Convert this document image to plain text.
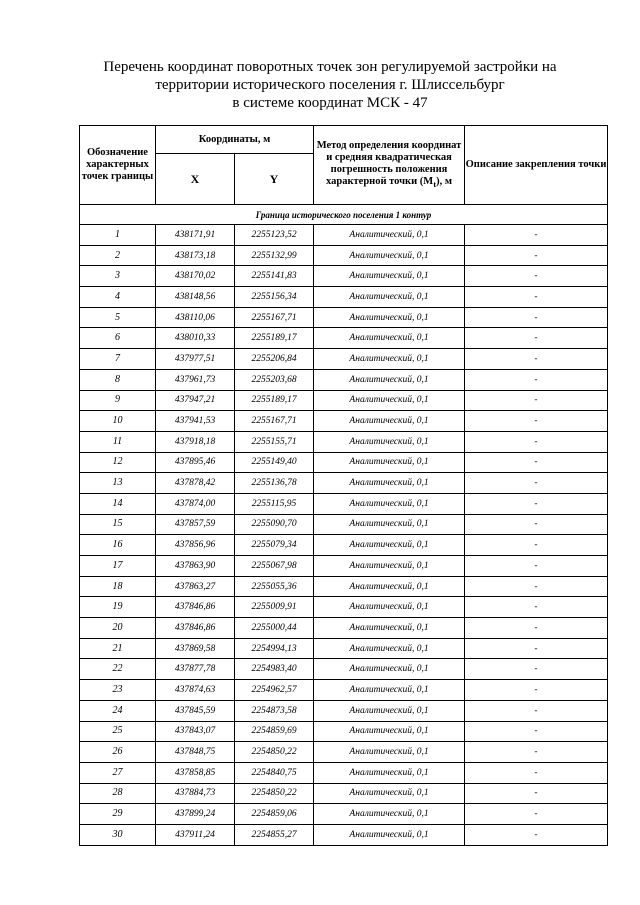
Перечень координат поворотных точек зон регулируемой застройки на
территории исторического поселения г. Шлиссельбург
в системе координат МСК - 47
Обозначение характерных точек границы	Координаты, м		Метод определения координат и средняя квадратическая погрешность положения характерной точки $(M_t)$, м	Описание закрепления точки
	X	Y		
Граница исторического поселения 1 контур				
1	438171,91	2255123,52	Аналитический, 0,1	-
2	438173,18	2255132,99	Аналитический, 0,1	-
3	438170,02	2255141,83	Аналитический, 0,1	-
4	438148,56	2255156,34	Аналитический, 0,1	-
5	438110,06	2255167,71	Аналитический, 0,1	-
6	438010,33	2255189,17	Аналитический, 0,1	-
7	437977,51	2255206,84	Аналитический, 0,1	-
8	437961,73	2255203,68	Аналитический, 0,1	-
9	437947,21	2255189,17	Аналитический, 0,1	-
10	437941,53	2255167,71	Аналитический, 0,1	-
11	437918,18	2255155,71	Аналитический, 0,1	-
12	437895,46	2255149,40	Аналитический, 0,1	-
13	437878,42	2255136,78	Аналитический, 0,1	-
14	437874,00	2255115,95	Аналитический, 0,1	-
15	437857,59	2255090,70	Аналитический, 0,1	-
16	437856,96	2255079,34	Аналитический, 0,1	-
17	437863,90	2255067,98	Аналитический, 0,1	-
18	437863,27	2255055,36	Аналитический, 0,1	-
19	437846,86	2255009,91	Аналитический, 0,1	-
20	437846,86	2255000,44	Аналитический, 0,1	-
21	437869,58	2254994,13	Аналитический, 0,1	-
22	437877,78	2254983,40	Аналитический, 0,1	-
23	437874,63	2254962,57	Аналитический, 0,1	-
24	437845,59	2254873,58	Аналитический, 0,1	-
25	437843,07	2254859,69	Аналитический, 0,1	-
26	437848,75	2254850,22	Аналитический, 0,1	-
27	437858,85	2254840,75	Аналитический, 0,1	-
28	437884,73	2254850,22	Аналитический, 0,1	-
29	437899,24	2254859,06	Аналитический, 0,1	-
30	437911,24	2254855,27	Аналитический, 0,1	-
